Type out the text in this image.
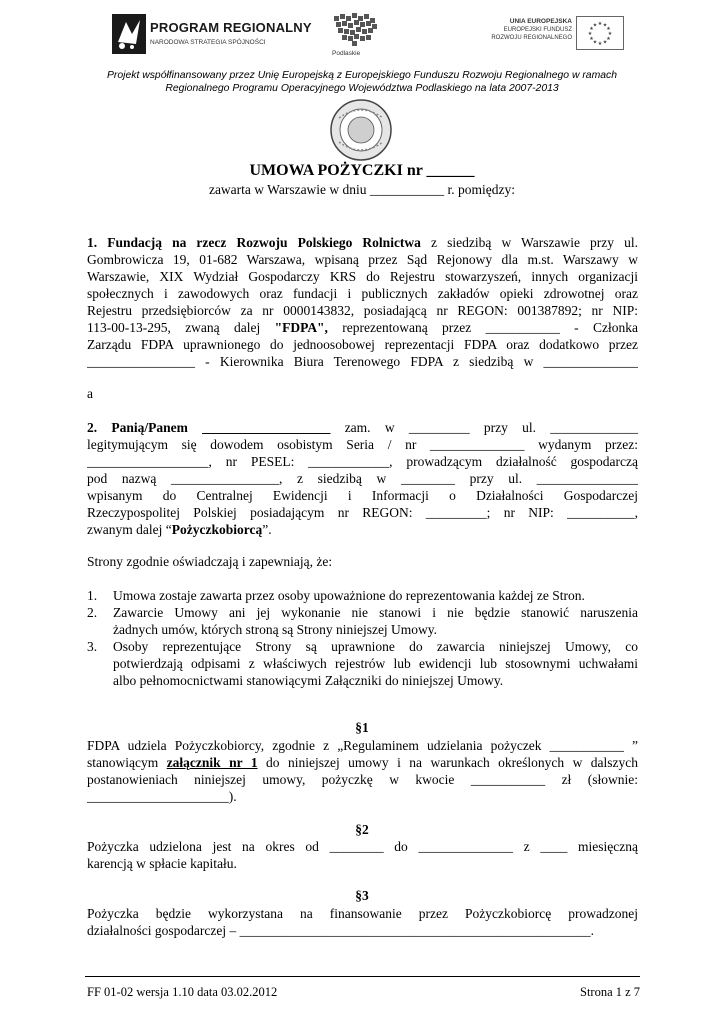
PROGRAM REGIONALNY
NARODOWA STRATEGIA SPÓJNOŚCI
Podlaskie
UNIA EUROPEJSKA
EUROPEJSKI FUNDUSZ
ROZWOJU REGIONALNEGO
★ ★
★
★
★
★
★
★
★
★
★
★
Projekt współfinansowany przez Unię Europejską z Europejskiego Funduszu Rozwoju Regionalnego w ramach
Regionalnego Programu Operacyjnego Województwa Podlaskiego na lata 2007-2013
UMOWA POŻYCZKI nr ______
zawarta w Warszawie w dniu ___________ r. pomiędzy:
1. Fundacją na rzecz Rozwoju Polskiego Rolnictwa z siedzibą w Warszawie przy ul.
Gombrowicza 19, 01-682 Warszawa, wpisaną przez Sąd Rejonowy dla m.st. Warszawy w
Warszawie, XIX Wydział Gospodarczy KRS do Rejestru stowarzyszeń, innych organizacji
społecznych i zawodowych oraz fundacji i publicznych zakładów opieki zdrowotnej oraz
Rejestru przedsiębiorców za nr 0000143832, posiadającą nr REGON: 001387892; nr NIP:
113-00-13-295, zwaną dalej "FDPA", reprezentowaną przez ___________ - Członka
Zarządu FDPA uprawnionego do jednoosobowej reprezentacji FDPA oraz dodatkowo przez
________________ - Kierownika Biura Terenowego FDPA z siedzibą w ______________
a
2. Panią/Panem ___________________ zam. w _________ przy ul. _____________
legitymującym się dowodem osobistym Seria / nr ______________ wydanym przez:
__________________, nr PESEL: ____________, prowadzącym działalność gospodarczą
pod nazwą ________________, z siedzibą w ________ przy ul. _______________
wpisanym do Centralnej Ewidencji i Informacji o Działalności Gospodarczej
Rzeczypospolitej Polskiej posiadającym nr REGON: _________; nr NIP: __________,
zwanym dalej “Pożyczkobiorcą”.
Strony zgodnie oświadczają i zapewniają, że:
1. Umowa zostaje zawarta przez osoby upoważnione do reprezentowania każdej ze Stron.
2. Zawarcie Umowy ani jej wykonanie nie stanowi i nie będzie stanowić naruszenia
żadnych umów, których stroną są Strony niniejszej Umowy.
3. Osoby reprezentujące Strony są uprawnione do zawarcia niniejszej Umowy, co
potwierdzają odpisami z właściwych rejestrów lub ewidencji lub stosownymi uchwałami
albo pełnomocnictwami stanowiącymi Załączniki do niniejszej Umowy.
§1
FDPA udziela Pożyczkobiorcy, zgodnie z „Regulaminem udzielania pożyczek ___________ ”
stanowiącym załącznik nr 1 do niniejszej umowy i na warunkach określonych w dalszych
postanowieniach niniejszej umowy, pożyczkę w kwocie ___________ zł (słownie:
_____________________).
§2
Pożyczka udzielona jest na okres od ________ do ______________ z ____ miesięczną
karencją w spłacie kapitału.
§3
Pożyczka będzie wykorzystana na finansowanie przez Pożyczkobiorcę prowadzonej
działalności gospodarczej – ____________________________________________________.
FF 01-02 wersja 1.10 data 03.02.2012	Strona 1 z 7
